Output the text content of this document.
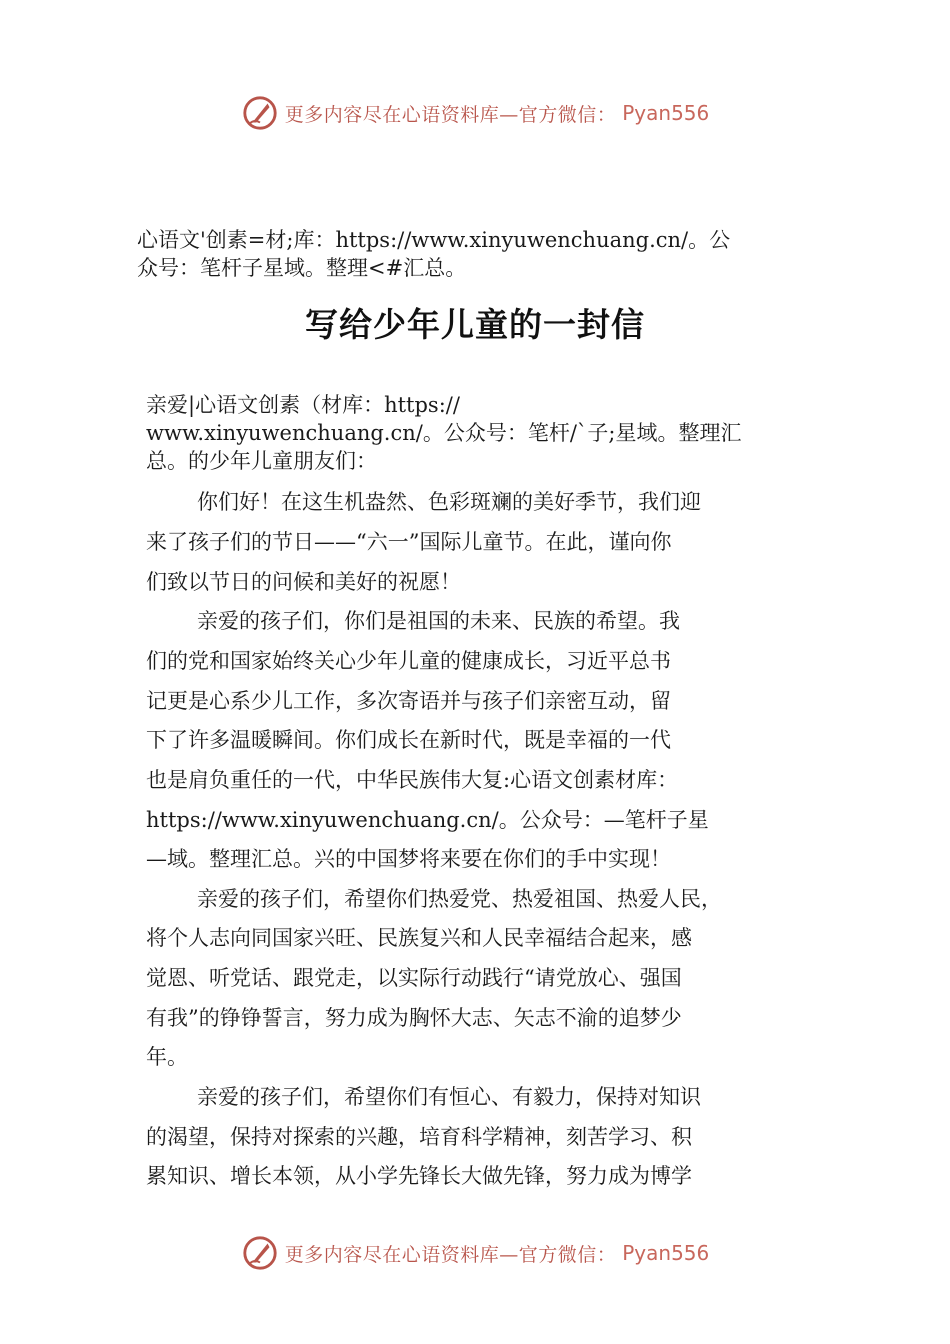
更多内容尽在心语资料库—官方微信： Pyan556
心语文'创素=材;库：https://www.xinyuwenchuang.cn/。公
众号：笔杆子星域。整理<#汇总。
写给少年儿童的一封信
亲爱|心语文创素（材库：https://
www.xinyuwenchuang.cn/。公众号：笔杆/`子;星域。整理汇
总。的少年儿童朋友们：
你们好！在这生机盎然、色彩斑斓的美好季节，我们迎
来了孩子们的节日——“六一”国际儿童节。在此，谨向你
们致以节日的问候和美好的祝愿！
亲爱的孩子们，你们是祖国的未来、民族的希望。我
们的党和国家始终关心少年儿童的健康成长，习近平总书
记更是心系少儿工作，多次寄语并与孩子们亲密互动，留
下了许多温暖瞬间。你们成长在新时代，既是幸福的一代
也是肩负重任的一代，中华民族伟大复:心语文创素材库：
https://www.xinyuwenchuang.cn/。公众号：—笔杆子星
—域。整理汇总。兴的中国梦将来要在你们的手中实现！
亲爱的孩子们，希望你们热爱党、热爱祖国、热爱人民，
将个人志向同国家兴旺、民族复兴和人民幸福结合起来，感
觉恩、听党话、跟党走，以实际行动践行“请党放心、强国
有我”的铮铮誓言，努力成为胸怀大志、矢志不渝的追梦少
年。
亲爱的孩子们，希望你们有恒心、有毅力，保持对知识
的渴望，保持对探索的兴趣，培育科学精神，刻苦学习、积
累知识、增长本领，从小学先锋长大做先锋，努力成为博学
更多内容尽在心语资料库—官方微信： Pyan556
